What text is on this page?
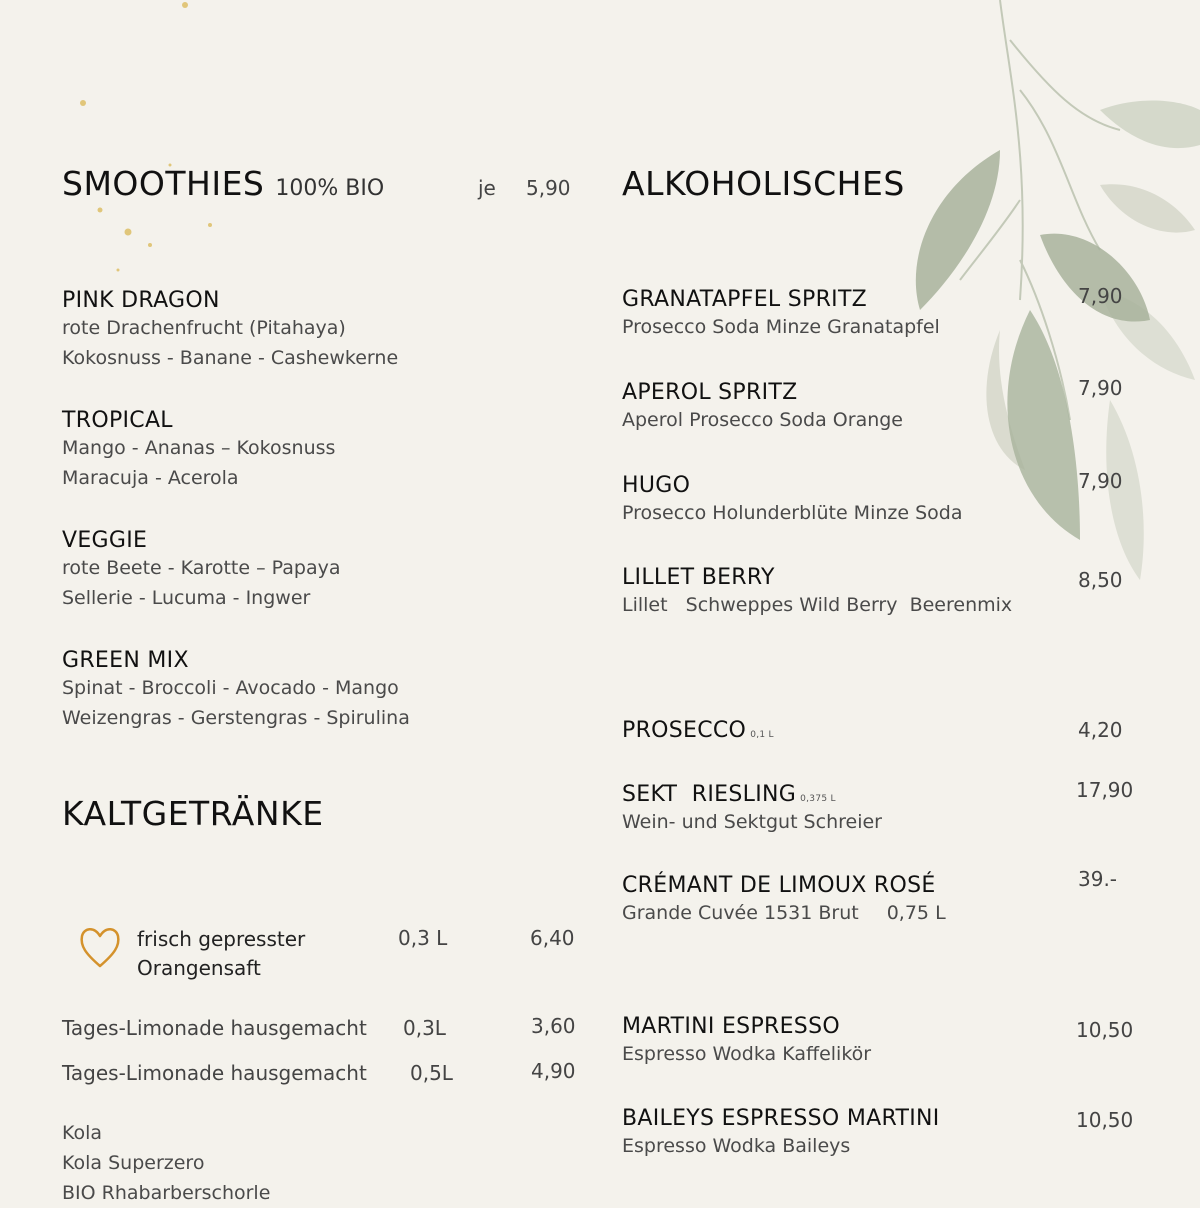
SMOOTHIES 100% BIO	je 5,90
PINK DRAGON
rote Drachenfrucht (Pitahaya)
Kokosnuss - Banane - Cashewkerne
TROPICAL
Mango - Ananas – Kokosnuss
Maracuja - Acerola
VEGGIE
rote Beete - Karotte – Papaya
Sellerie - Lucuma - Ingwer
GREEN MIX
Spinat - Broccoli - Avocado - Mango
Weizengras - Gerstengras - Spirulina
KALTGETRÄNKE
frisch gepresster
Orangensaft
0,3 L	6,40
Tages-Limonade hausgemacht 0,3L	3,60
Tages-Limonade hausgemacht 0,5L	4,90
Kola
Kola Superzero
BIO Rhabarberschorle
ALKOHOLISCHES
GRANATAPFEL SPRITZ
Prosecco Soda Minze Granatapfel
7,90
APEROL SPRITZ
Aperol Prosecco Soda Orange
7,90
HUGO
Prosecco Holunderblüte Minze Soda
7,90
LILLET BERRY
Lillet   Schweppes Wild Berry  Beerenmix
8,50
PROSECCO 0,1 L	4,20
SEKT  RIESLING 0,375 L
Wein- und Sektgut Schreier
17,90
CRÉMANT DE LIMOUX ROSÉ
Grande Cuvée 1531 Brut 0,75 L
39.-
MARTINI ESPRESSO
Espresso Wodka Kaffelikör
10,50
BAILEYS ESPRESSO MARTINI
Espresso Wodka Baileys
10,50
